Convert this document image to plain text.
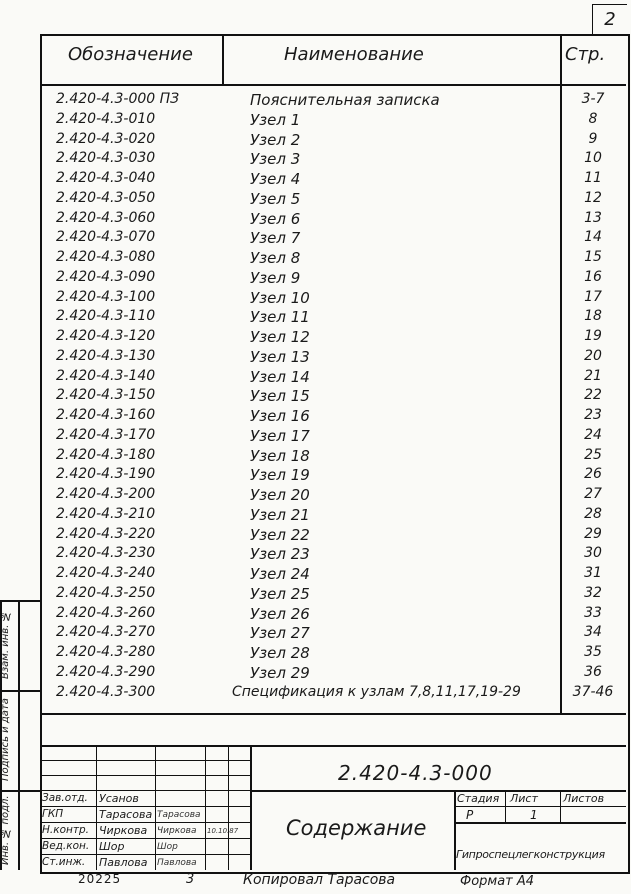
2
Обозначение	Наименование	Стр.
2.420-4.3-000 ПЗ	Пояснительная записка	3-7
2.420-4.3-010	Узел 1	8
2.420-4.3-020	Узел 2	9
2.420-4.3-030	Узел 3	10
2.420-4.3-040	Узел 4	11
2.420-4.3-050	Узел 5	12
2.420-4.3-060	Узел 6	13
2.420-4.3-070	Узел 7	14
2.420-4.3-080	Узел 8	15
2.420-4.3-090	Узел 9	16
2.420-4.3-100	Узел 10	17
2.420-4.3-110	Узел 11	18
2.420-4.3-120	Узел 12	19
2.420-4.3-130	Узел 13	20
2.420-4.3-140	Узел 14	21
2.420-4.3-150	Узел 15	22
2.420-4.3-160	Узел 16	23
2.420-4.3-170	Узел 17	24
2.420-4.3-180	Узел 18	25
2.420-4.3-190	Узел 19	26
2.420-4.3-200	Узел 20	27
2.420-4.3-210	Узел 21	28
2.420-4.3-220	Узел 22	29
2.420-4.3-230	Узел 23	30
2.420-4.3-240	Узел 24	31
2.420-4.3-250	Узел 25	32
2.420-4.3-260	Узел 26	33
2.420-4.3-270	Узел 27	34
2.420-4.3-280	Узел 28	35
2.420-4.3-290	Узел 29	36
2.420-4.3-300	Спецификация к узлам 7,8,11,17,19-29	37-46
Взам. инв. №
Подпись и дата
Инв. № подл.	Зав.отд. Усанов
ГКП	Тарасова Тарасова
Н.контр. Чиркова Чиркова 10.10.87
Вед.кон. Шор	Шор
Ст.инж. Павлова Павлова
2.420-4.3-000
Содержание
Стадия Лист Листов
Р	1
Гипроспецлегконструкция
20225	3	Копировал Тарасова	Формат А4
